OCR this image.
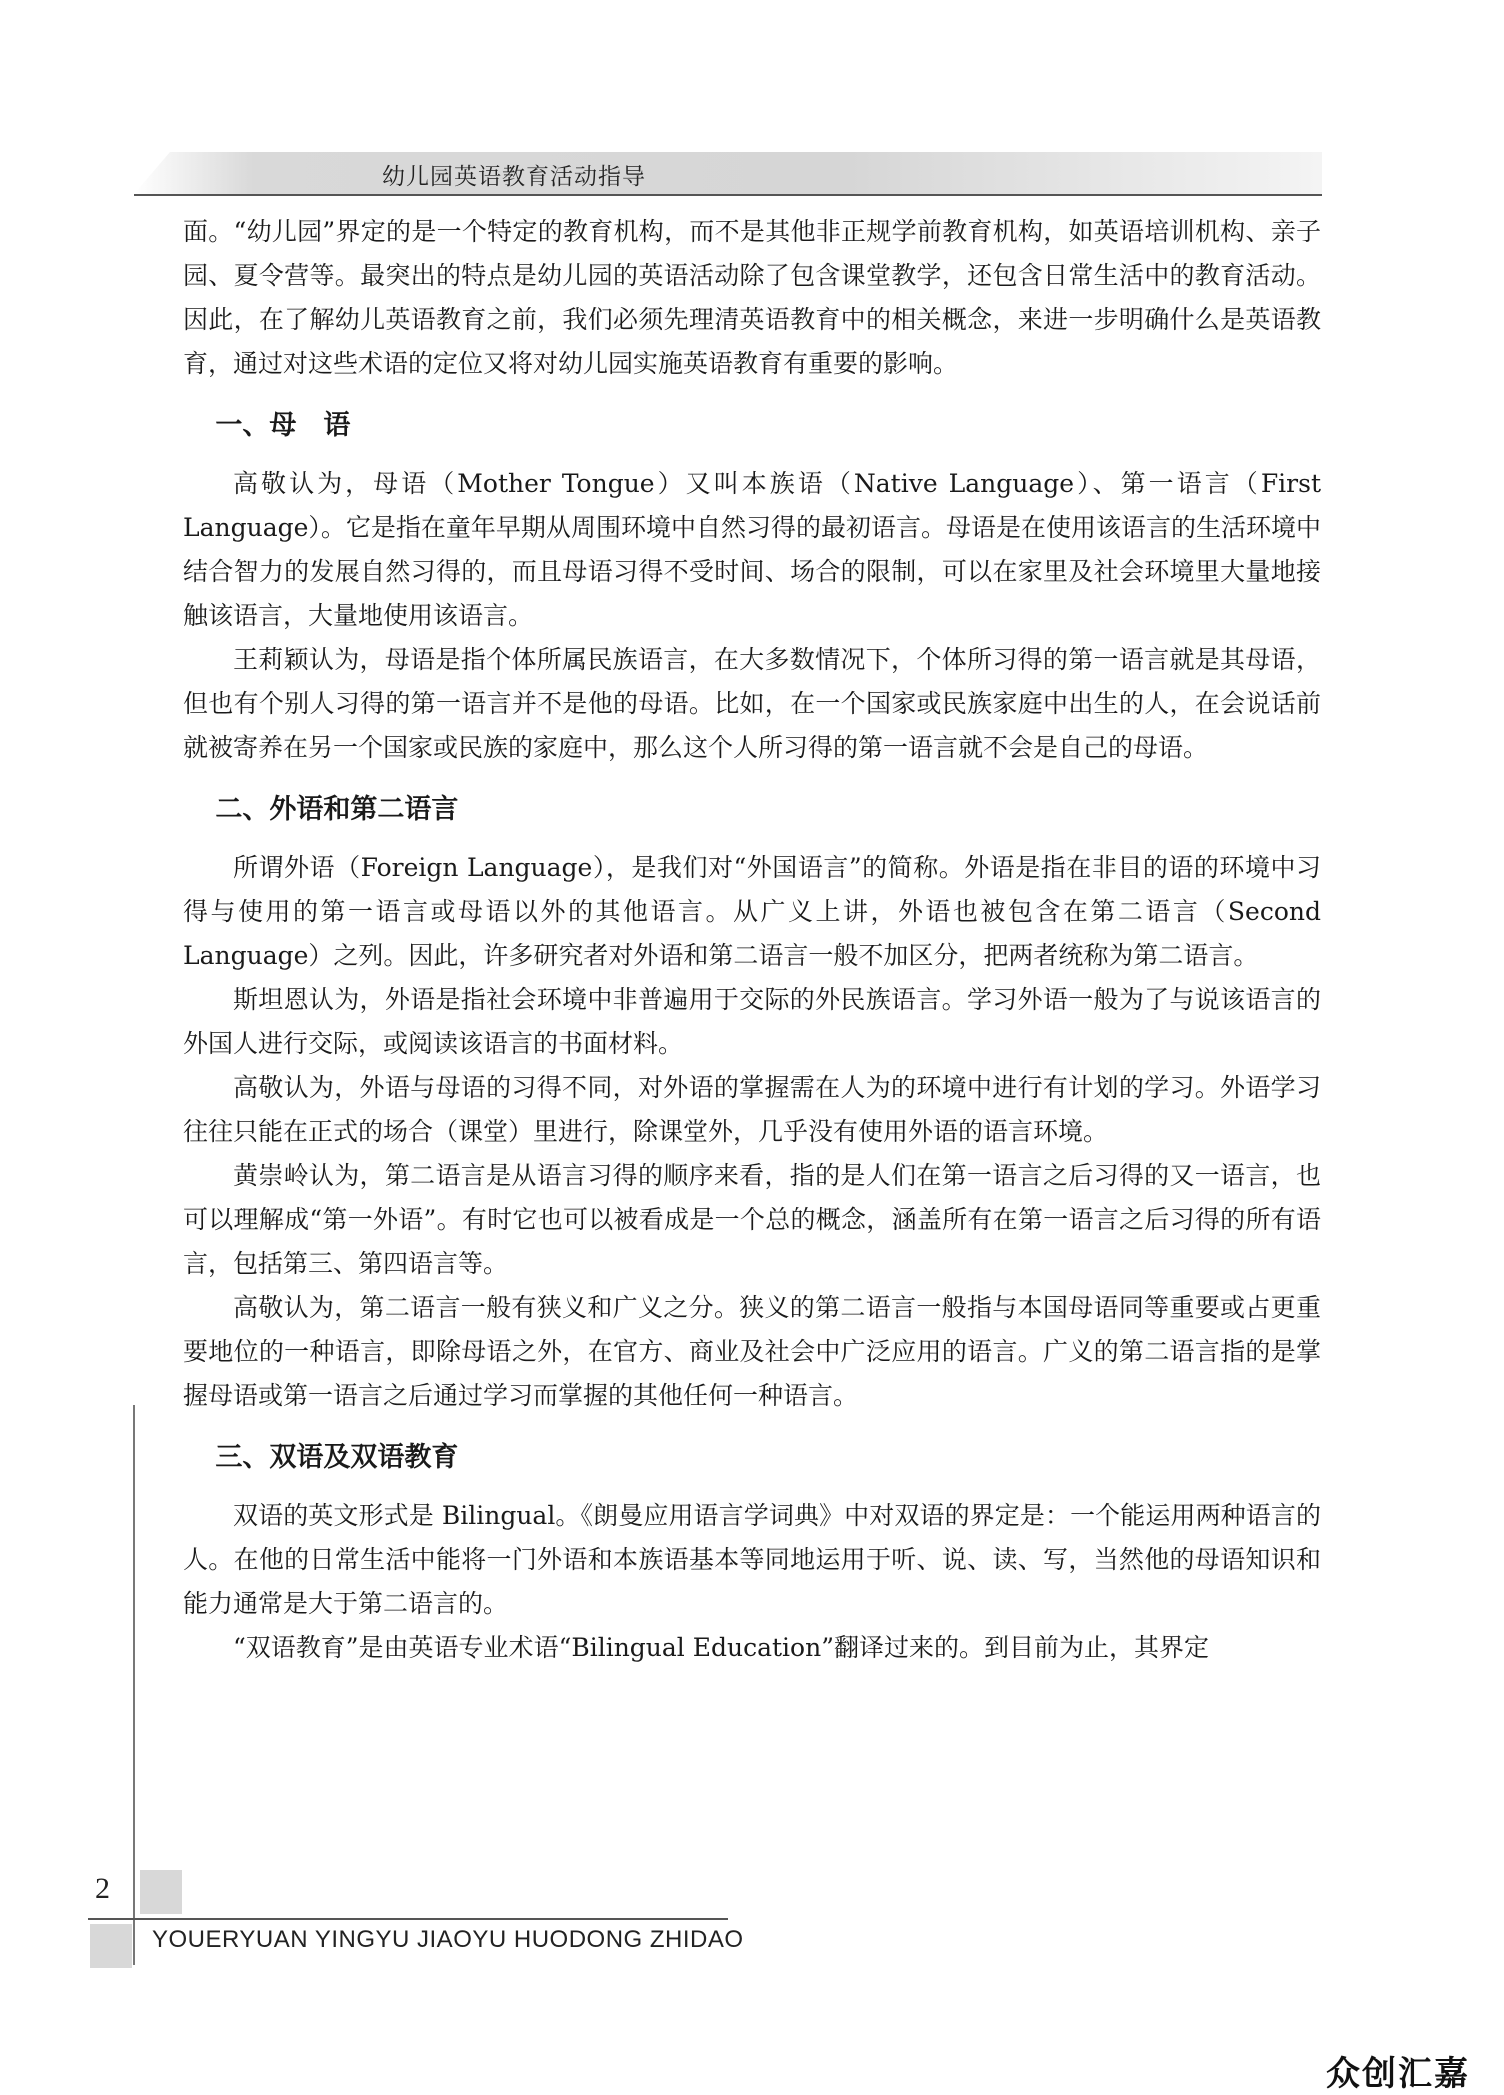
幼儿园英语教育活动指导

面。“幼儿园”界定的是一个特定的教育机构，而不是其他非正规学前教育机构，如英语培训机构、亲子园、夏令营等。最突出的特点是幼儿园的英语活动除了包含课堂教学，还包含日常生活中的教育活动。因此，在了解幼儿英语教育之前，我们必须先理清英语教育中的相关概念，来进一步明确什么是英语教育，通过对这些术语的定位又将对幼儿园实施英语教育有重要的影响。

一、母　语

高敬认为，母语（Mother Tongue）又叫本族语（Native Language）、第一语言（First Language）。它是指在童年早期从周围环境中自然习得的最初语言。母语是在使用该语言的生活环境中结合智力的发展自然习得的，而且母语习得不受时间、场合的限制，可以在家里及社会环境里大量地接触该语言，大量地使用该语言。

王莉颖认为，母语是指个体所属民族语言，在大多数情况下，个体所习得的第一语言就是其母语，但也有个别人习得的第一语言并不是他的母语。比如，在一个国家或民族家庭中出生的人，在会说话前就被寄养在另一个国家或民族的家庭中，那么这个人所习得的第一语言就不会是自己的母语。

二、外语和第二语言

所谓外语（Foreign Language），是我们对“外国语言”的简称。外语是指在非目的语的环境中习得与使用的第一语言或母语以外的其他语言。从广义上讲，外语也被包含在第二语言（Second Language）之列。因此，许多研究者对外语和第二语言一般不加区分，把两者统称为第二语言。

斯坦恩认为，外语是指社会环境中非普遍用于交际的外民族语言。学习外语一般为了与说该语言的外国人进行交际，或阅读该语言的书面材料。

高敬认为，外语与母语的习得不同，对外语的掌握需在人为的环境中进行有计划的学习。外语学习往往只能在正式的场合（课堂）里进行，除课堂外，几乎没有使用外语的语言环境。

黄崇岭认为，第二语言是从语言习得的顺序来看，指的是人们在第一语言之后习得的又一语言，也可以理解成“第一外语”。有时它也可以被看成是一个总的概念，涵盖所有在第一语言之后习得的所有语言，包括第三、第四语言等。

高敬认为，第二语言一般有狭义和广义之分。狭义的第二语言一般指与本国母语同等重要或占更重要地位的一种语言，即除母语之外，在官方、商业及社会中广泛应用的语言。广义的第二语言指的是掌握母语或第一语言之后通过学习而掌握的其他任何一种语言。

三、双语及双语教育

双语的英文形式是 Bilingual。《朗曼应用语言学词典》中对双语的界定是：一个能运用两种语言的人。在他的日常生活中能将一门外语和本族语基本等同地运用于听、说、读、写，当然他的母语知识和能力通常是大于第二语言的。

“双语教育”是由英语专业术语“Bilingual Education”翻译过来的。到目前为止，其界定

2
YOUERYUAN YINGYU JIAOYU HUODONG ZHIDAO
众创汇嘉
